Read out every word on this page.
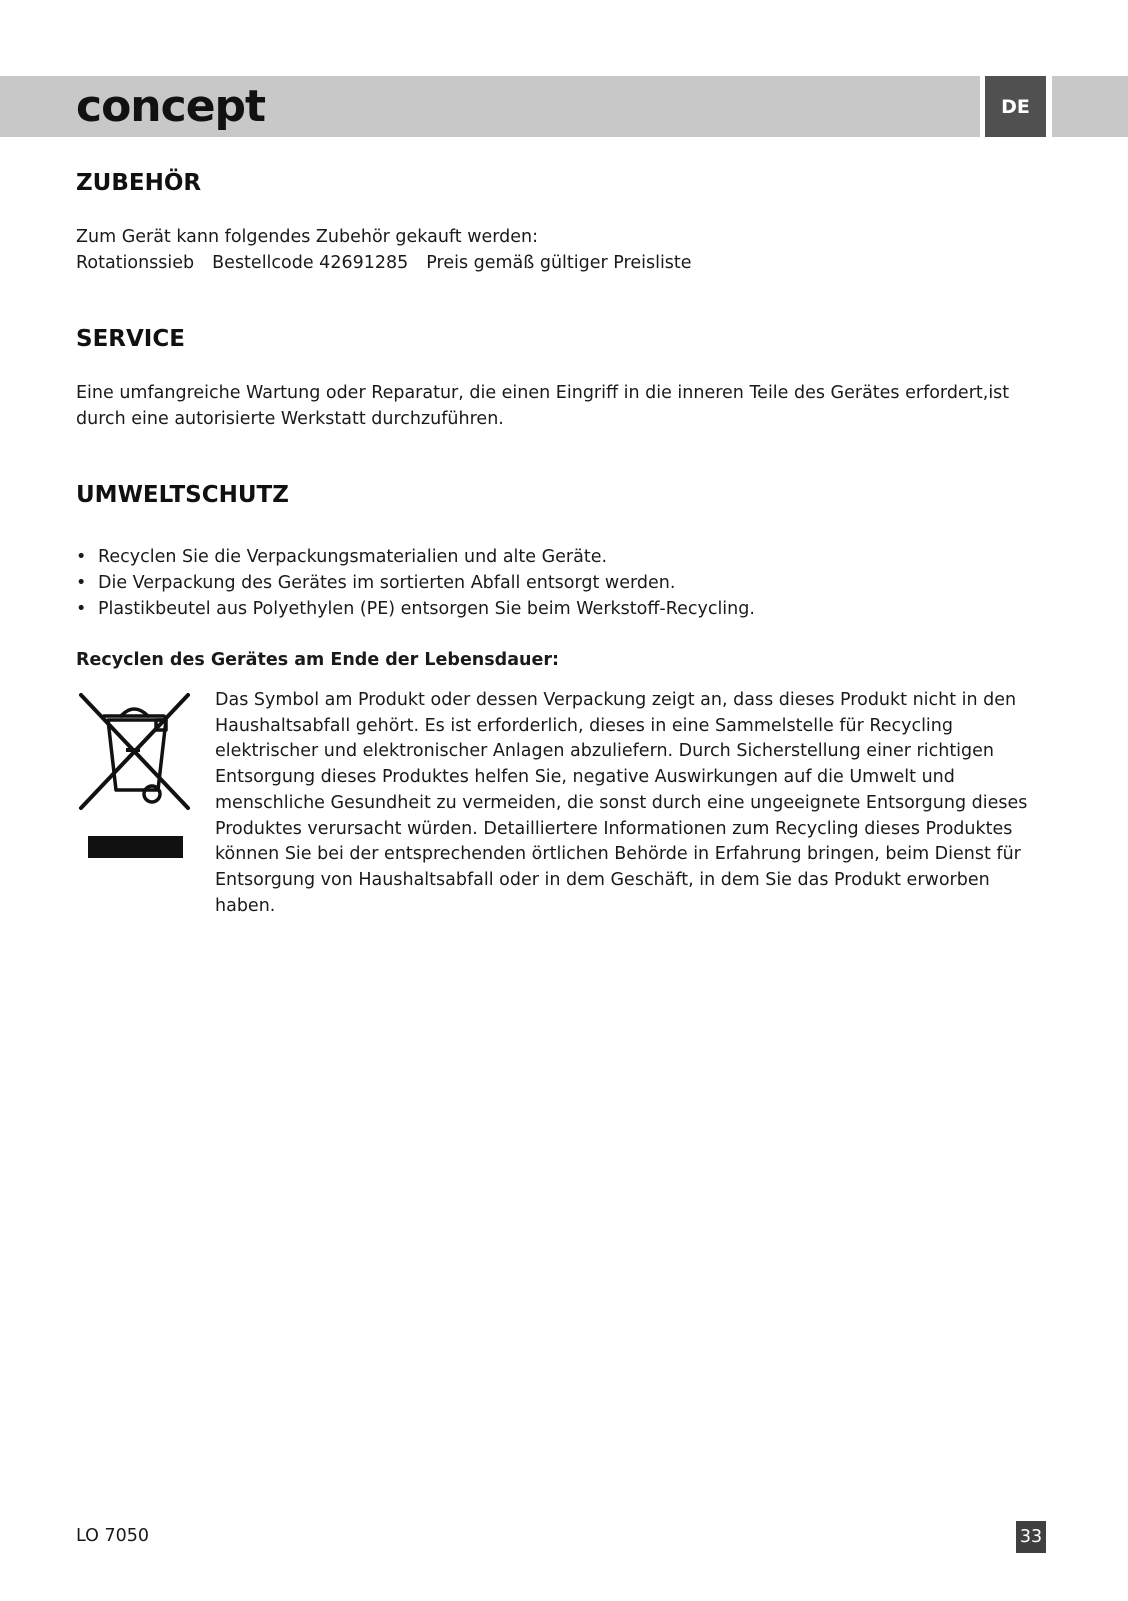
concept	DE
ZUBEHÖR

Zum Gerät kann folgendes Zubehör gekauft werden:

Rotationssieb Bestellcode 42691285 Preis gemäß gültiger Preisliste

SERVICE

Eine umfangreiche Wartung oder Reparatur, die einen Eingriff in die inneren Teile des Gerätes erfordert,ist

durch eine autorisierte Werkstatt durchzuführen.

UMWELTSCHUTZ
• Recyclen Sie die Verpackungsmaterialien und alte Geräte.
• Die Verpackung des Gerätes im sortierten Abfall entsorgt werden.
• Plastikbeutel aus Polyethylen (PE) entsorgen Sie beim Werkstoff-Recycling.

Recyclen des Gerätes am Ende der Lebensdauer:

Das Symbol am Produkt oder dessen Verpackung zeigt an, dass dieses Produkt nicht in den Haushaltsabfall gehört. Es ist erforderlich, dieses in eine Sammelstelle für Recycling elektrischer und elektronischer Anlagen abzuliefern. Durch Sicherstellung einer richtigen Entsorgung dieses Produktes helfen Sie, negative Auswirkungen auf die Umwelt und menschliche Gesundheit zu vermeiden, die sonst durch eine ungeeignete Entsorgung dieses Produktes verursacht würden. Detailliertere Informationen zum Recycling dieses Produktes können Sie bei der entsprechenden örtlichen Behörde in Erfahrung bringen, beim Dienst für Entsorgung von Haushaltsabfall oder in dem Geschäft, in dem Sie das Produkt erworben haben.

LO 7050	33
